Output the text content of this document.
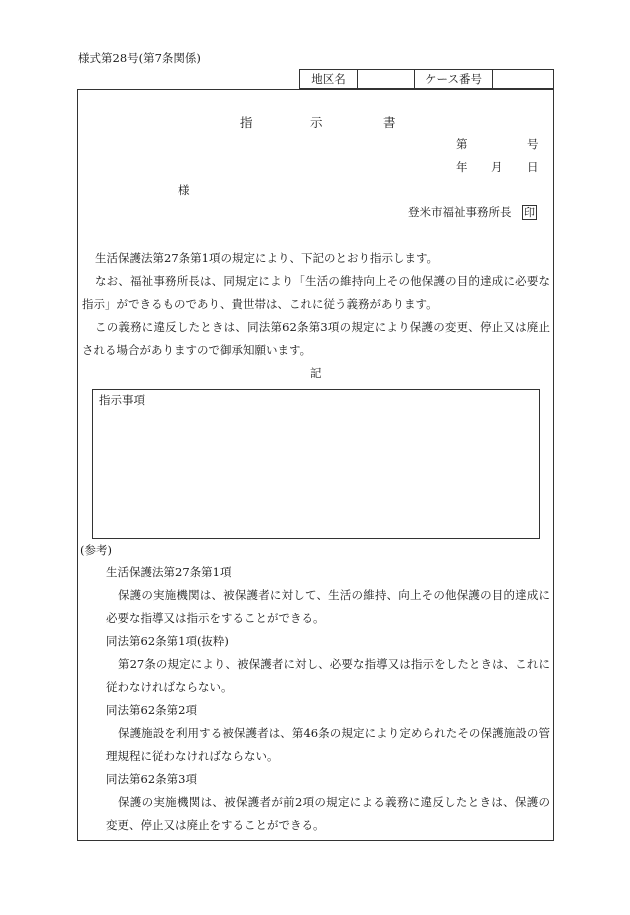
様式第28号(第7条関係)
地区名	ケース番号
指	示	書
第	号
年 月 日
様
登米市福祉事務所長 印
生活保護法第27条第1項の規定により、下記のとおり指示します。
なお、福祉事務所長は、同規定により「生活の維持向上その他保護の目的達成に必要な
指示」ができるものであり、貴世帯は、これに従う義務があります。
この義務に違反したときは、同法第62条第3項の規定により保護の変更、停止又は廃止
される場合がありますので御承知願います。
記
指示事項
(参考)
生活保護法第27条第1項
保護の実施機関は、被保護者に対して、生活の維持、向上その他保護の目的達成に
必要な指導又は指示をすることができる。
同法第62条第1項(抜粋)
第27条の規定により、被保護者に対し、必要な指導又は指示をしたときは、これに
従わなければならない。
同法第62条第2項
保護施設を利用する被保護者は、第46条の規定により定められたその保護施設の管
理規程に従わなければならない。
同法第62条第3項
保護の実施機関は、被保護者が前2項の規定による義務に違反したときは、保護の
変更、停止又は廃止をすることができる。
